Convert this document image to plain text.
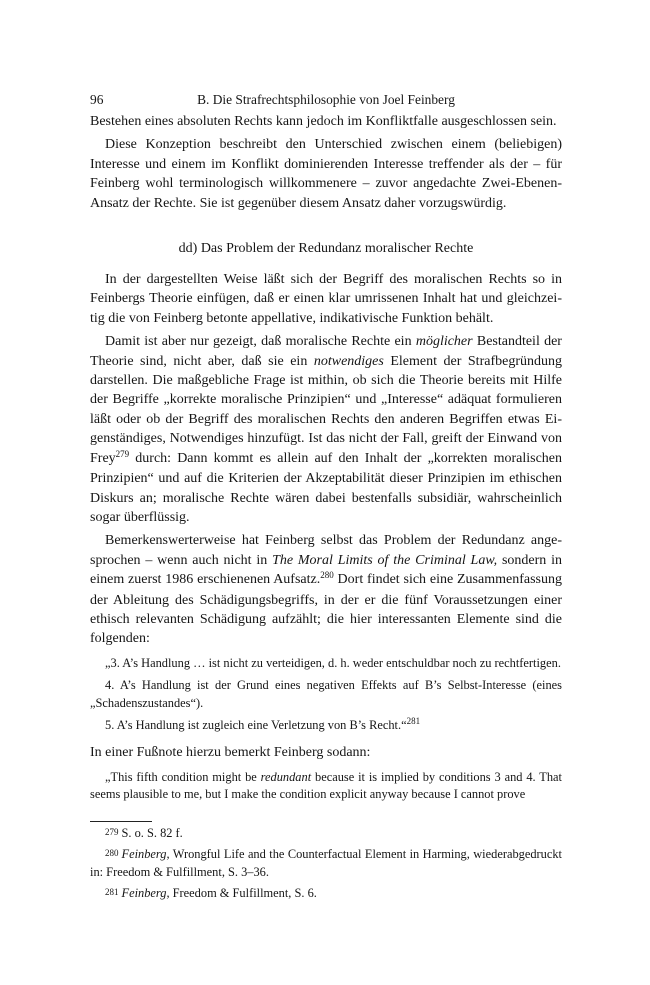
96	B. Die Strafrechtsphilosophie von Joel Feinberg

Bestehen eines absoluten Rechts kann jedoch im Konfliktfalle ausgeschlossen sein.

Diese Konzeption beschreibt den Unterschied zwischen einem (beliebigen) Interesse und einem im Konflikt dominierenden Interesse treffender als der – für Feinberg wohl terminologisch willkommenere – zuvor angedachte Zwei-Ebenen-Ansatz der Rechte. Sie ist gegenüber diesem Ansatz daher vorzugswürdig.

dd) Das Problem der Redundanz moralischer Rechte

In der dargestellten Weise läßt sich der Begriff des moralischen Rechts so in Feinbergs Theorie einfügen, daß er einen klar umrissenen Inhalt hat und gleichzeitig die von Feinberg betonte appellative, indikativische Funktion behält.

Damit ist aber nur gezeigt, daß moralische Rechte ein möglicher Bestandteil der Theorie sind, nicht aber, daß sie ein notwendiges Element der Strafbegründung darstellen. Die maßgebliche Frage ist mithin, ob sich die Theorie bereits mit Hilfe der Begriffe „korrekte moralische Prinzipien“ und „Interesse“ adäquat formulieren läßt oder ob der Begriff des moralischen Rechts den anderen Begriffen etwas Eigenständiges, Notwendiges hinzufügt. Ist das nicht der Fall, greift der Einwand von Frey$^{279}$ durch: Dann kommt es allein auf den Inhalt der „korrekten moralischen Prinzipien“ und auf die Kriterien der Akzeptabilität dieser Prinzipien im ethischen Diskurs an; moralische Rechte wären dabei bestenfalls subsidiär, wahrscheinlich sogar überflüssig.

Bemerkenswerterweise hat Feinberg selbst das Problem der Redundanz angesprochen – wenn auch nicht in The Moral Limits of the Criminal Law, sondern in einem zuerst 1986 erschienenen Aufsatz.$^{280}$ Dort findet sich eine Zusammenfassung der Ableitung des Schädigungsbegriffs, in der er die fünf Voraussetzungen einer ethisch relevanten Schädigung aufzählt; die hier interessanten Elemente sind die folgenden:

„3. A’s Handlung … ist nicht zu verteidigen, d. h. weder entschuldbar noch zu rechtfertigen.

4. A’s Handlung ist der Grund eines negativen Effekts auf B’s Selbst-Interesse (eines „Schadenszustandes“).

5. A’s Handlung ist zugleich eine Verletzung von B’s Recht.“$^{281}$

In einer Fußnote hierzu bemerkt Feinberg sodann:

„This fifth condition might be redundant because it is implied by conditions 3 and 4. That seems plausible to me, but I make the condition explicit anyway because I cannot prove

279 S. o. S. 82 f.
280 Feinberg, Wrongful Life and the Counterfactual Element in Harming, wiederabgedruckt in: Freedom & Fulfillment, S. 3–36.
281 Feinberg, Freedom & Fulfillment, S. 6.
